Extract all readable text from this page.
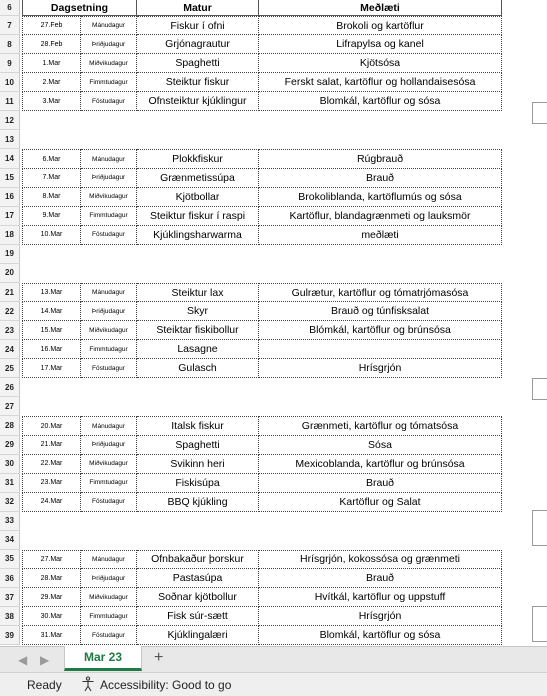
6	Dagsetning	Matur	Meðlæti
7	27.Feb	Mánudagur	Fiskur í ofni	Brokoli og kartöflur
8	28.Feb	Þriðjudagur	Grjónagrautur	Lifrapylsa og kanel
9	1.Mar	Miðvikudagur	Spaghetti	Kjötsósa
10	2.Mar	Fimmtudagur	Steiktur fiskur	Ferskt salat, kartöflur og hollandaisesósa
11	3.Mar	Föstudagur	Ofnsteiktur kjúklingur	Blomkál, kartöflur og sósa
12
13
14	6.Mar	Mánudagur	Plokkfiskur	Rúgbrauð
15	7.Mar	Þriðjudagur	Grænmetissúpa	Brauð
16	8.Mar	Miðvikudagur	Kjötbollar	Brokoliblanda, kartöflumús og sósa
17	9.Mar	Fimmtudagur	Steiktur fiskur í raspi	Kartöflur, blandagrænmeti og lauksmör
18	10.Mar	Föstudagur	Kjúklingsharwarma	meðlæti
19
20
21	13.Mar	Mánudagur	Steiktur lax	Gulrætur, kartöflur og tómatrjómasósa
22	14.Mar	Þriðjudagur	Skyr	Brauð og túnfisksalat
23	15.Mar	Miðvikudagur	Steiktar fiskibollur	Blómkál, kartöflur og brúnsósa
24	16.Mar	Fimmtudagur	Lasagne
25	17.Mar	Föstudagur	Gulasch	Hrísgrjón
26
27
28	20.Mar	Mánudagur	Italsk fiskur	Grænmeti, kartöflur og tómatsósa
29	21.Mar	Þriðjudagur	Spaghetti	Sósa
30	22.Mar	Miðvikudagur	Svikinn heri	Mexicoblanda, kartöflur og brúnsósa
31	23.Mar	Fimmtudagur	Fiskisúpa	Brauð
32	24.Mar	Föstudagur	BBQ kjúkling	Kartöflur og Salat
33
34
35	27.Mar	Mánudagur	Ofnbakaður þorskur	Hrísgrjón, kokossósa og grænmeti
36	28.Mar	Þriðjudagur	Pastasúpa	Brauð
37	29.Mar	Miðvikudagur	Soðnar kjötbollur	Hvítkál, kartöflur og uppstuff
38	30.Mar	Fimmtudagur	Fisk súr-sætt	Hrísgrjón
39	31.Mar	Föstudagur	Kjúklingalæri	Blomkál, kartöflur og sósa
◀ ▶	Mar 23	+
Ready	Accessibility: Good to go
